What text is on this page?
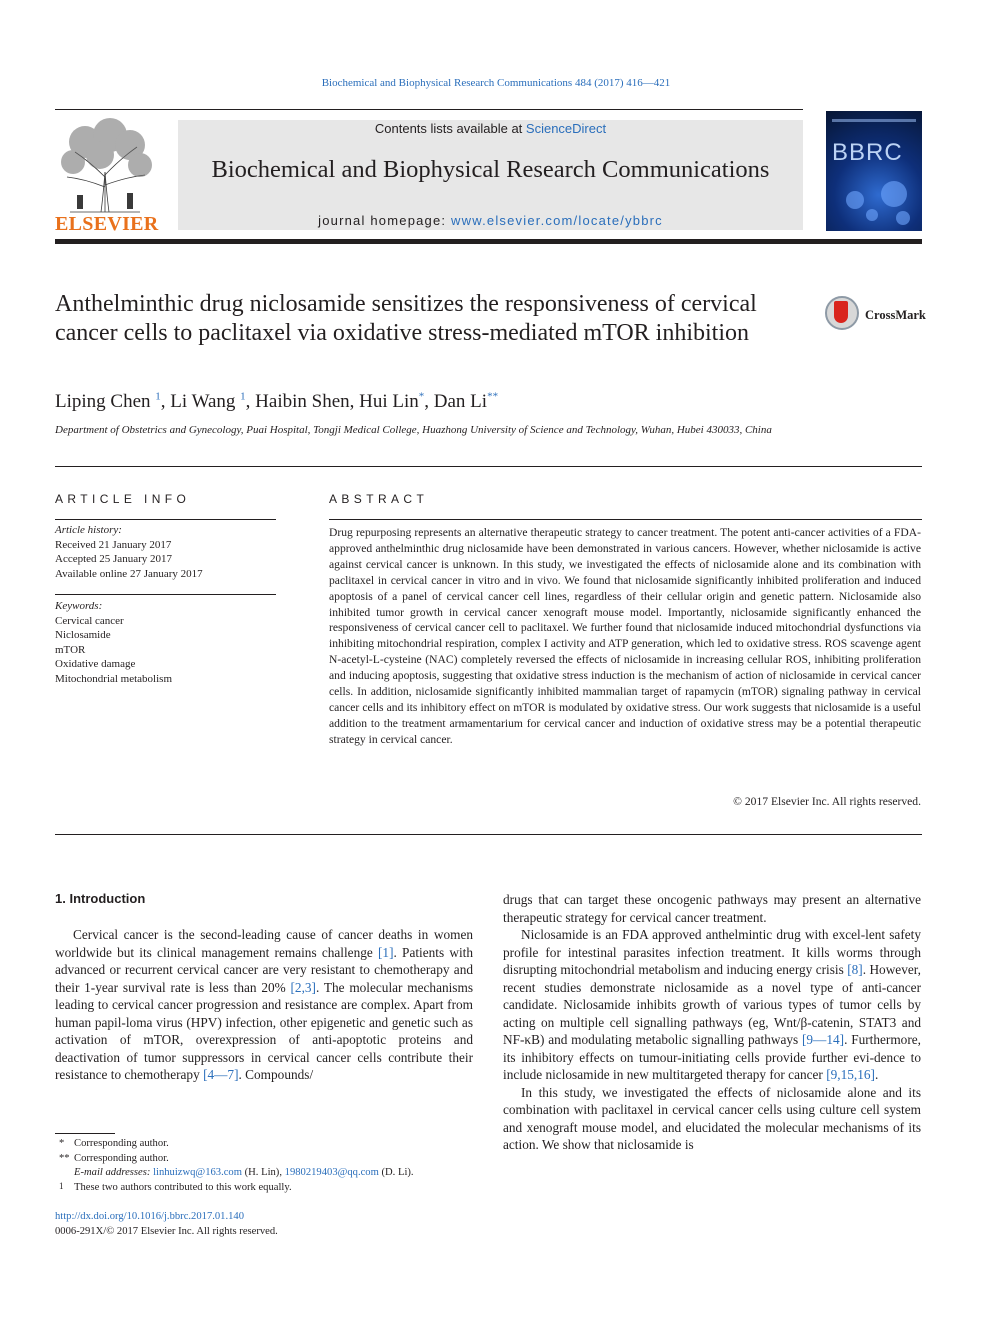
Biochemical and Biophysical Research Communications 484 (2017) 416—421
ELSEVIER
Contents lists available at ScienceDirect
Biochemical and Biophysical Research Communications
journal homepage: www.elsevier.com/locate/ybbrc
BBRC
Anthelminthic drug niclosamide sensitizes the responsiveness of cervical cancer cells to paclitaxel via oxidative stress-mediated mTOR inhibition
CrossMark
Liping Chen $^1$, Li Wang $^1$, Haibin Shen, Hui Lin*, Dan Li**
Department of Obstetrics and Gynecology, Puai Hospital, Tongji Medical College, Huazhong University of Science and Technology, Wuhan, Hubei 430033, China
ARTICLE INFO
Article history:
Received 21 January 2017
Accepted 25 January 2017
Available online 27 January 2017
Keywords:
Cervical cancer
Niclosamide
mTOR
Oxidative damage
Mitochondrial metabolism
ABSTRACT
Drug repurposing represents an alternative therapeutic strategy to cancer treatment. The potent anti-cancer activities of a FDA-approved anthelminthic drug niclosamide have been demonstrated in various cancers. However, whether niclosamide is active against cervical cancer is unknown. In this study, we investigated the effects of niclosamide alone and its combination with paclitaxel in cervical cancer in vitro and in vivo. We found that niclosamide significantly inhibited proliferation and induced apoptosis of a panel of cervical cancer cell lines, regardless of their cellular origin and genetic pattern. Niclosamide also inhibited tumor growth in cervical cancer xenograft mouse model. Importantly, niclosamide significantly enhanced the responsiveness of cervical cancer cell to paclitaxel. We further found that niclosamide induced mitochondrial dysfunctions via inhibiting mitochondrial respiration, complex I activity and ATP generation, which led to oxidative stress. ROS scavenge agent N-acetyl-L-cysteine (NAC) completely reversed the effects of niclosamide in increasing cellular ROS, inhibiting proliferation and inducing apoptosis, suggesting that oxidative stress induction is the mechanism of action of niclosamide in cervical cancer cells. In addition, niclosamide significantly inhibited mammalian target of rapamycin (mTOR) signaling pathway in cervical cancer cells and its inhibitory effect on mTOR is modulated by oxidative stress. Our work suggests that niclosamide is a useful addition to the treatment armamentarium for cervical cancer and induction of oxidative stress may be a potential therapeutic strategy in cervical cancer.
© 2017 Elsevier Inc. All rights reserved.
1. Introduction

Cervical cancer is the second-leading cause of cancer deaths in women worldwide but its clinical management remains challenge [1]. Patients with advanced or recurrent cervical cancer are very resistant to chemotherapy and their 1-year survival rate is less than 20% [2,3]. The molecular mechanisms leading to cervical cancer progression and resistance are complex. Apart from human papil-loma virus (HPV) infection, other epigenetic and genetic such as activation of mTOR, overexpression of anti-apoptotic proteins and deactivation of tumor suppressors in cervical cancer cells contribute their resistance to chemotherapy [4—7]. Compounds/

drugs that can target these oncogenic pathways may present an alternative therapeutic strategy for cervical cancer treatment.

Niclosamide is an FDA approved anthelmintic drug with excel-lent safety profile for intestinal parasites infection treatment. It kills worms through disrupting mitochondrial metabolism and inducing energy crisis [8]. However, recent studies demonstrate niclosamide as a novel type of anti-cancer candidate. Niclosamide inhibits growth of various types of tumor cells by acting on multiple cell signalling pathways (eg, Wnt/β-catenin, STAT3 and NF-κB) and modulating metabolic signalling pathways [9—14]. Furthermore, its inhibitory effects on tumour-initiating cells provide further evi-dence to include niclosamide in new multitargeted therapy for cancer [9,15,16].

In this study, we investigated the effects of niclosamide alone and its combination with paclitaxel in cervical cancer cells using culture cell system and xenograft mouse model, and elucidated the molecular mechanisms of its action. We show that niclosamide is

* Corresponding author.
** Corresponding author.
E-mail addresses: linhuizwq@163.com (H. Lin), 1980219403@qq.com (D. Li).
1 These two authors contributed to this work equally.
http://dx.doi.org/10.1016/j.bbrc.2017.01.140
0006-291X/© 2017 Elsevier Inc. All rights reserved.
